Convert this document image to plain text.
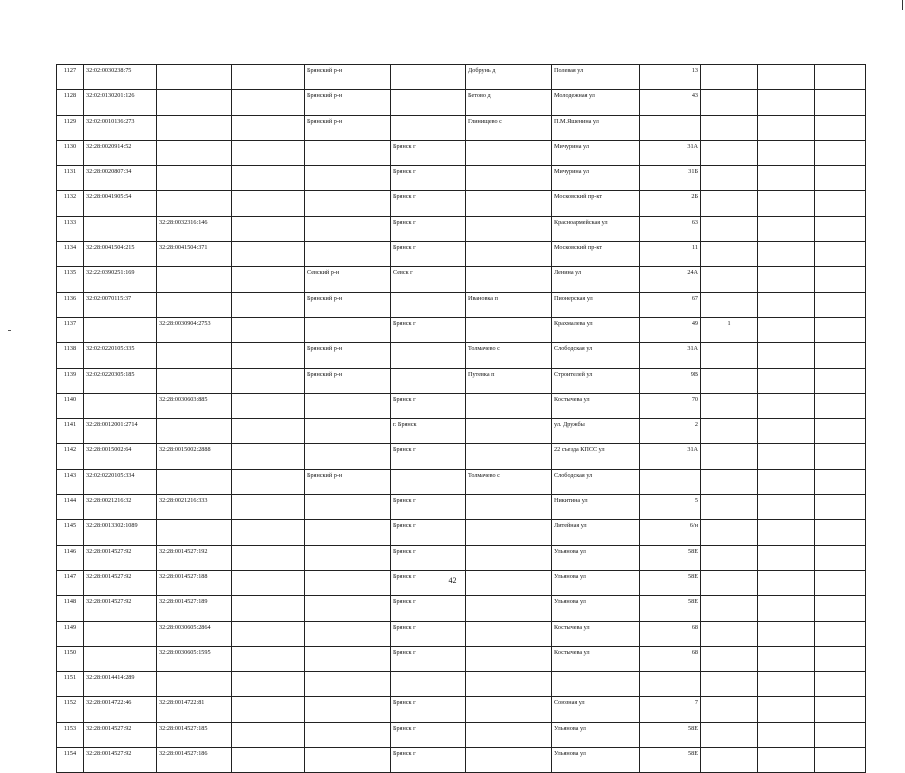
1127	32:02:0030238:75			Брянский р-н		Добрунь д	Полевая ул	13			
1128	32:02:0130201:126			Брянский р-н		Бетово д	Молодежная ул	43			
1129	32:02:0010136:273			Брянский р-н		Глинищево с	П.М.Яшенина ул				
1130	32:28:0020914:52				Брянск г		Мичурина ул	31А			
1131	32:28:0020807:34				Брянск г		Мичурина ул	31Б			
1132	32:28:0041905:54				Брянск г		Московский пр-кт	2Б			
1133		32:28:0032316:146			Брянск г		Красноармейская ул	63			
1134	32:28:0041504:215	32:28:0041504:371			Брянск г		Московский пр-кт	11			
1135	32:22:0390251:169			Севский р-н	Севск г		Ленина ул	24А			
1136	32:02:0070115:37			Брянский р-н		Ивановка п	Пионерская ул	67			
1137		32:28:0030904:2753			Брянск г		Крахмалева ул	49	1		
1138	32:02:0220105:335			Брянский р-н		Толмачево с	Слободская ул	31А			
1139	32:02:0220305:185			Брянский р-н		Путевка п	Строителей ул	9В			
1140		32:28:0030603:885			Брянск г		Костычева ул	70			
1141	32:28:0012001:2714				г. Брянск		ул. Дружбы	2			
1142	32:28:0015002:64	32:28:0015002:2888			Брянск г		22 съезда КПСС ул	31А			
1143	32:02:0220105:334			Брянский р-н		Толмачево с	Слободская ул				
1144	32:28:0021216:32	32:28:0021216:333			Брянск г		Никитина ул	5			
1145	32:28:0013302:1089				Брянск г		Литейная ул	6/н			
1146	32:28:0014527:92	32:28:0014527:192			Брянск г		Ульянова ул	58Е			
1147	32:28:0014527:92	32:28:0014527:188			Брянск г		Ульянова ул	58Е			
1148	32:28:0014527:92	32:28:0014527:189			Брянск г		Ульянова ул	58Е			
1149		32:28:0030605:2864			Брянск г		Костычева ул	68			
1150		32:28:0030605:1595			Брянск г		Костычева ул	68			
1151	32:28:0014414:289										
1152	32:28:0014722:46	32:28:0014722:81			Брянск г		Союзная ул	7			
1153	32:28:0014527:92	32:28:0014527:185			Брянск г		Ульянова ул	58Е			
1154	32:28:0014527:92	32:28:0014527:186			Брянск г		Ульянова ул	58Е			
42
